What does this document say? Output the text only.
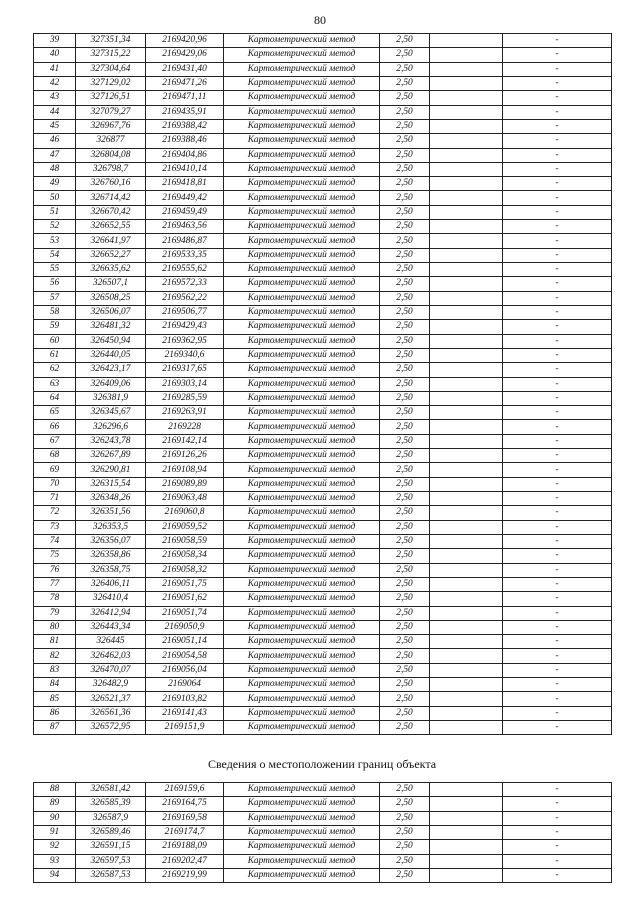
80
39	327351,34	2169420,96	Картометрический метод	2,50		-
40	327315,22	2169429,06	Картометрический метод	2,50		-
41	327304,64	2169431,40	Картометрический метод	2,50		-
42	327129,02	2169471,26	Картометрический метод	2,50		-
43	327126,51	2169471,11	Картометрический метод	2,50		-
44	327079,27	2169435,91	Картометрический метод	2,50		-
45	326967,76	2169388,42	Картометрический метод	2,50		-
46	326877	2169388,46	Картометрический метод	2,50		-
47	326804,08	2169404,86	Картометрический метод	2,50		-
48	326798,7	2169410,14	Картометрический метод	2,50		-
49	326760,16	2169418,81	Картометрический метод	2,50		-
50	326714,42	2169449,42	Картометрический метод	2,50		-
51	326670,42	2169459,49	Картометрический метод	2,50		-
52	326652,55	2169463,56	Картометрический метод	2,50		-
53	326641,97	2169486,87	Картометрический метод	2,50		-
54	326652,27	2169533,35	Картометрический метод	2,50		-
55	326635,62	2169555,62	Картометрический метод	2,50		-
56	326507,1	2169572,33	Картометрический метод	2,50		-
57	326508,25	2169562,22	Картометрический метод	2,50		-
58	326506,07	2169506,77	Картометрический метод	2,50		-
59	326481,32	2169429,43	Картометрический метод	2,50		-
60	326450,94	2169362,95	Картометрический метод	2,50		-
61	326440,05	2169340,6	Картометрический метод	2,50		-
62	326423,17	2169317,65	Картометрический метод	2,50		-
63	326409,06	2169303,14	Картометрический метод	2,50		-
64	326381,9	2169285,59	Картометрический метод	2,50		-
65	326345,67	2169263,91	Картометрический метод	2,50		-
66	326296,6	2169228	Картометрический метод	2,50		-
67	326243,78	2169142,14	Картометрический метод	2,50		-
68	326267,89	2169126,26	Картометрический метод	2,50		-
69	326290,81	2169108,94	Картометрический метод	2,50		-
70	326315,54	2169089,89	Картометрический метод	2,50		-
71	326348,26	2169063,48	Картометрический метод	2,50		-
72	326351,56	2169060,8	Картометрический метод	2,50		-
73	326353,5	2169059,52	Картометрический метод	2,50		-
74	326356,07	2169058,59	Картометрический метод	2,50		-
75	326358,86	2169058,34	Картометрический метод	2,50		-
76	326358,75	2169058,32	Картометрический метод	2,50		-
77	326406,11	2169051,75	Картометрический метод	2,50		-
78	326410,4	2169051,62	Картометрический метод	2,50		-
79	326412,94	2169051,74	Картометрический метод	2,50		-
80	326443,34	2169050,9	Картометрический метод	2,50		-
81	326445	2169051,14	Картометрический метод	2,50		-
82	326462,03	2169054,58	Картометрический метод	2,50		-
83	326470,07	2169056,04	Картометрический метод	2,50		-
84	326482,9	2169064	Картометрический метод	2,50		-
85	326521,37	2169103,82	Картометрический метод	2,50		-
86	326561,36	2169141,43	Картометрический метод	2,50		-
87	326572,95	2169151,9	Картометрический метод	2,50		-
Сведения о местоположении границ объекта
88	326581,42	2169159,6	Картометрический метод	2,50		-
89	326585,39	2169164,75	Картометрический метод	2,50		-
90	326587,9	2169169,58	Картометрический метод	2,50		-
91	326589,46	2169174,7	Картометрический метод	2,50		-
92	326591,15	2169188,09	Картометрический метод	2,50		-
93	326597,53	2169202,47	Картометрический метод	2,50		-
94	326587,53	2169219,99	Картометрический метод	2,50		-
